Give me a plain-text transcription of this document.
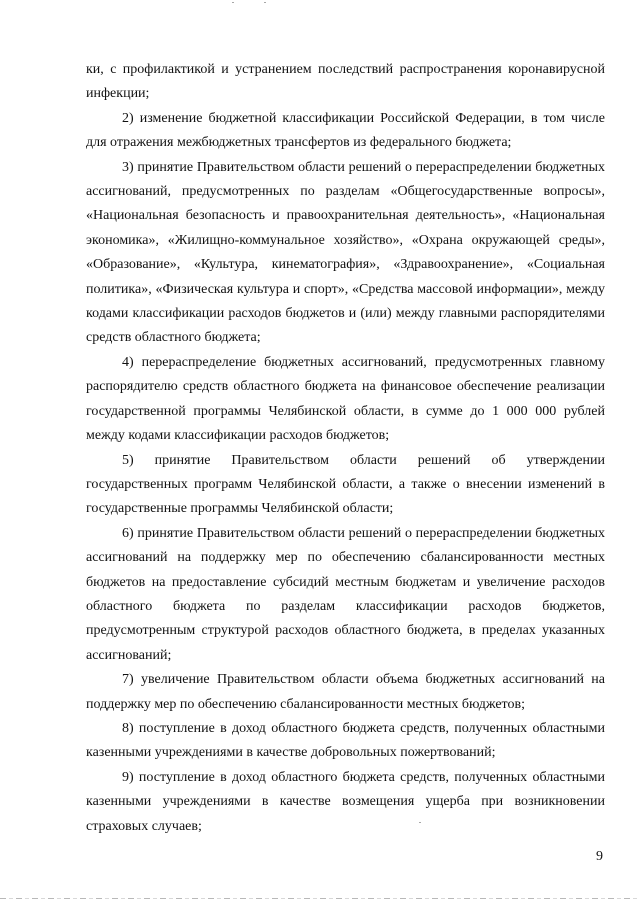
ки, с профилактикой и устранением последствий распространения коронавирусной инфекции;

2) изменение бюджетной классификации Российской Федерации, в том числе для отражения межбюджетных трансфертов из федерального бюджета;

3) принятие Правительством области решений о перераспределении бюджетных ассигнований, предусмотренных по разделам «Общегосударственные вопросы», «Национальная безопасность и правоохранительная деятельность», «Национальная экономика», «Жилищно-коммунальное хозяйство», «Охрана окружающей среды», «Образование», «Культура, кинематография», «Здравоохранение», «Социальная политика», «Физическая культура и спорт», «Средства массовой информации», между кодами классификации расходов бюджетов и (или) между главными распорядителями средств областного бюджета;

4) перераспределение бюджетных ассигнований, предусмотренных главному распорядителю средств областного бюджета на финансовое обеспечение реализации государственной программы Челябинской области, в сумме до 1 000 000 рублей между кодами классификации расходов бюджетов;

5) принятие Правительством области решений об утверждении государственных программ Челябинской области, а также о внесении изменений в государственные программы Челябинской области;

6) принятие Правительством области решений о перераспределении бюджетных ассигнований на поддержку мер по обеспечению сбалансированности местных бюджетов на предоставление субсидий местным бюджетам и увеличение расходов областного бюджета по разделам классификации расходов бюджетов, предусмотренным структурой расходов областного бюджета, в пределах указанных ассигнований;

7) увеличение Правительством области объема бюджетных ассигнований на поддержку мер по обеспечению сбалансированности местных бюджетов;

8) поступление в доход областного бюджета средств, полученных областными казенными учреждениями в качестве добровольных пожертвований;

9) поступление в доход областного бюджета средств, полученных областными казенными учреждениями в качестве возмещения ущерба при возникновении страховых случаев;

9
